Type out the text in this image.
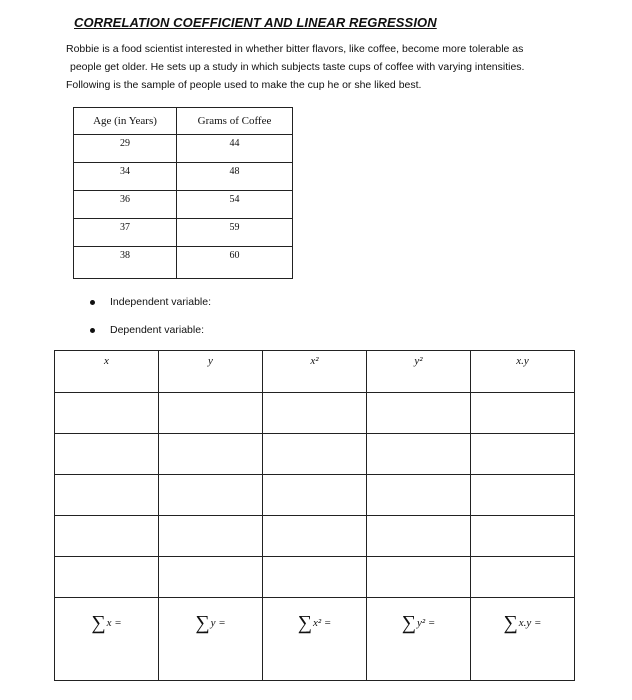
CORRELATION COEFFICIENT AND LINEAR REGRESSION
Robbie is a food scientist interested in whether bitter flavors, like coffee, become more tolerable as
people get older. He sets up a study in which subjects taste cups of coffee with varying intensities.
Following is the sample of people used to make the cup he or she liked best.
Age (in Years)	Grams of Coffee
29	44
34	48
36	54
37	59
38	60
Independent variable:
Dependent variable:
x	y	x²	y²	x.y

∑x =	∑y =	∑x² =	∑y² =	∑x.y =
